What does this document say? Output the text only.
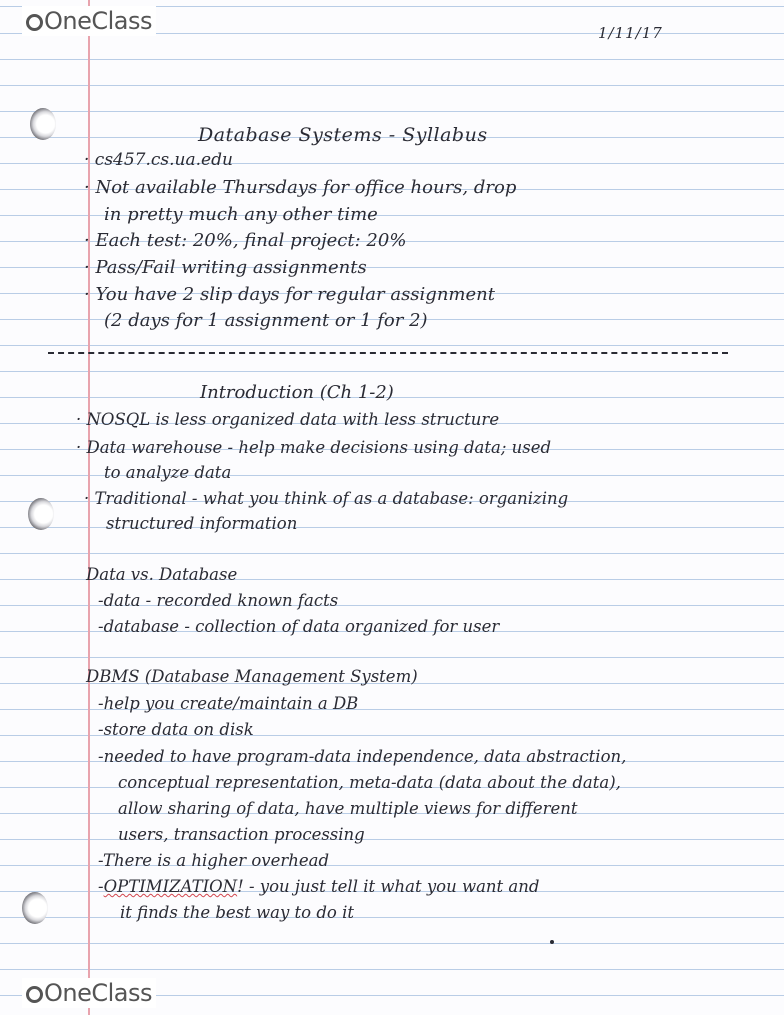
OneClass
OneClass
1/11/17
Database Systems - Syllabus
· cs457.cs.ua.edu
· Not available Thursdays for office hours, drop
in pretty much any other time
· Each test: 20%, final project: 20%
· Pass/Fail writing assignments
· You have 2 slip days for regular assignment
(2 days for 1 assignment or 1 for 2)
Introduction (Ch 1-2)
· NOSQL is less organized data with less structure
· Data warehouse - help make decisions using data; used
to analyze data
· Traditional - what you think of as a database: organizing
structured information
Data vs. Database
-data - recorded known facts
-database - collection of data organized for user
DBMS (Database Management System)
-help you create/maintain a DB
-store data on disk
-needed to have program-data independence, data abstraction,
conceptual representation, meta-data (data about the data),
allow sharing of data, have multiple views for different
users, transaction processing
-There is a higher overhead
-OPTIMIZATION! - you just tell it what you want and
it finds the best way to do it
